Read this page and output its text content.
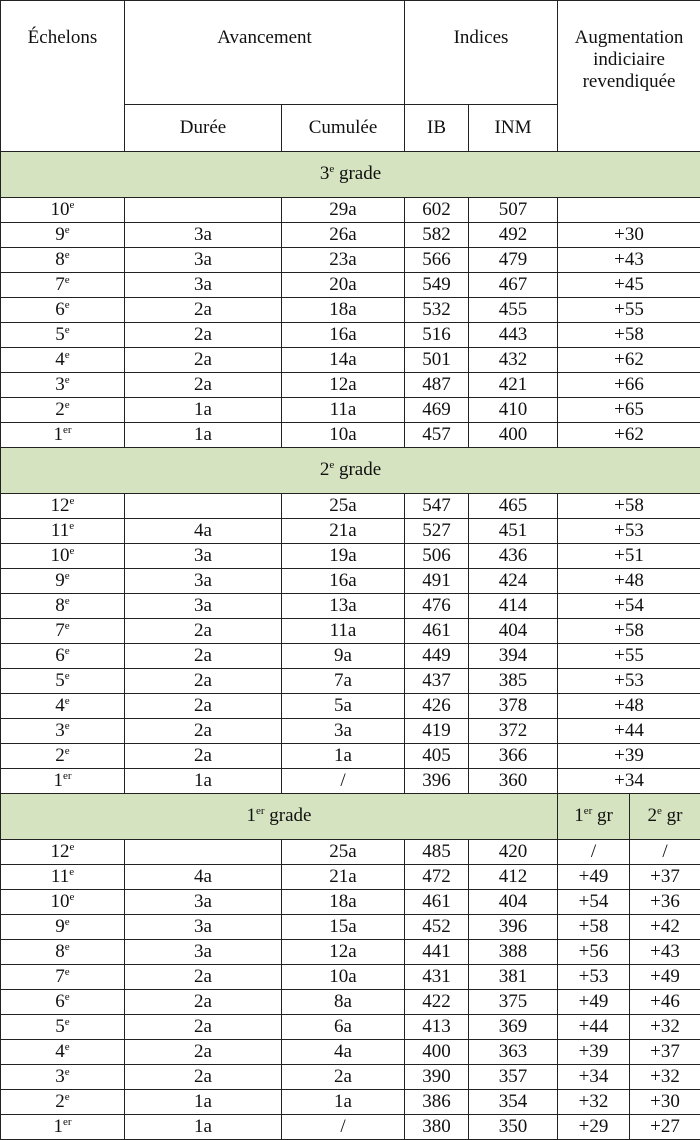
Échelons	Avancement		Indices		Augmentation indiciaire revendiquée	
	Durée	Cumulée	IB	INM		
3e grade						
10e		29a	602	507		
9e	3a	26a	582	492	+30	
8e	3a	23a	566	479	+43	
7e	3a	20a	549	467	+45	
6e	2a	18a	532	455	+55	
5e	2a	16a	516	443	+58	
4e	2a	14a	501	432	+62	
3e	2a	12a	487	421	+66	
2e	1a	11a	469	410	+65	
1er	1a	10a	457	400	+62	
2e grade						
12e		25a	547	465	+58	
11e	4a	21a	527	451	+53	
10e	3a	19a	506	436	+51	
9e	3a	16a	491	424	+48	
8e	3a	13a	476	414	+54	
7e	2a	11a	461	404	+58	
6e	2a	9a	449	394	+55	
5e	2a	7a	437	385	+53	
4e	2a	5a	426	378	+48	
3e	2a	3a	419	372	+44	
2e	2a	1a	405	366	+39	
1er	1a	/	396	360	+34	
1er grade					1er gr	2e gr
12e		25a	485	420	/	/
11e	4a	21a	472	412	+49	+37
10e	3a	18a	461	404	+54	+36
9e	3a	15a	452	396	+58	+42
8e	3a	12a	441	388	+56	+43
7e	2a	10a	431	381	+53	+49
6e	2a	8a	422	375	+49	+46
5e	2a	6a	413	369	+44	+32
4e	2a	4a	400	363	+39	+37
3e	2a	2a	390	357	+34	+32
2e	1a	1a	386	354	+32	+30
1er	1a	/	380	350	+29	+27
